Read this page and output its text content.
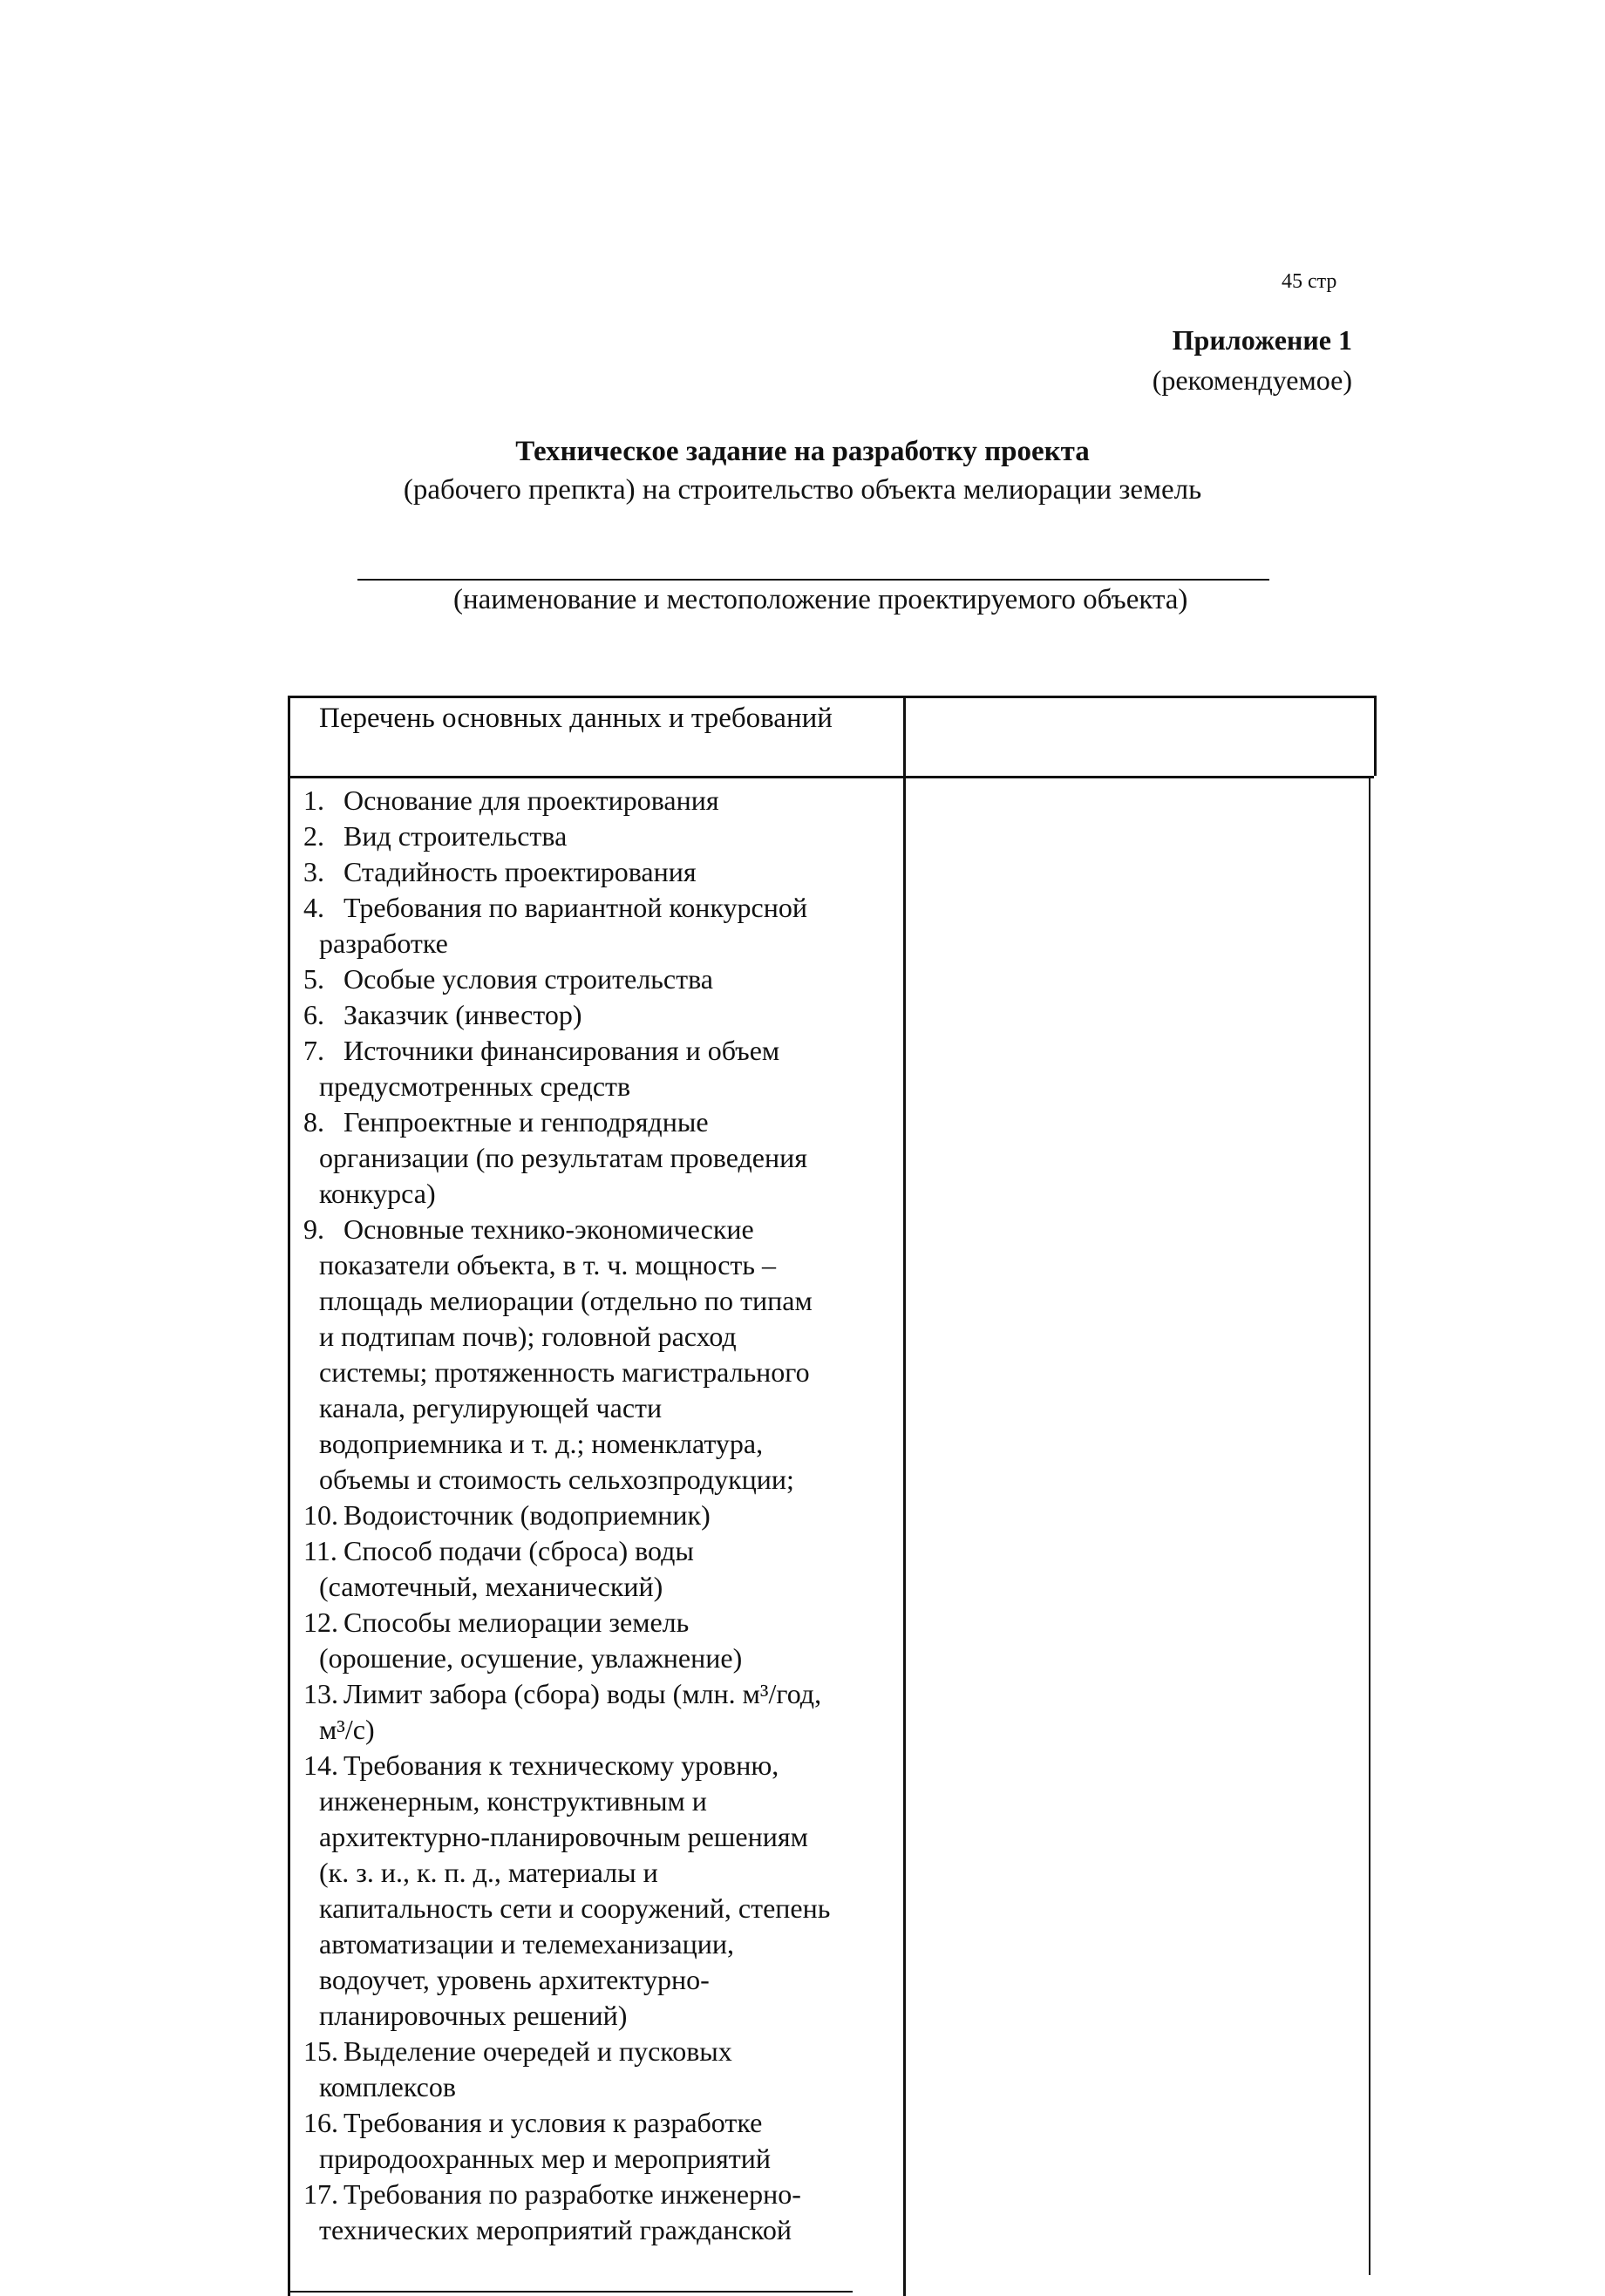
45 стр
Приложение 1
(рекомендуемое)
Техническое задание на разработку проекта
(рабочего препкта) на строительство объекта мелиорации земель
(наименование и местоположение проектируемого объекта)
Перечень основных данных и требований
1. Основание для проектирования
2. Вид строительства
3. Стадийность проектирования
4. Требования по вариантной конкурсной
разработке
5. Особые условия строительства
6. Заказчик (инвестор)
7. Источники финансирования и объем
предусмотренных средств
8. Генпроектные и генподрядные
организации (по результатам проведения
конкурса)
9. Основные технико-экономические
показатели объекта, в т. ч. мощность –
площадь мелиорации (отдельно по типам
и подтипам почв); головной расход
системы; протяженность магистрального
канала, регулирующей части
водоприемника и т. д.; номенклатура,
объемы и стоимость сельхозпродукции;
10. Водоисточник (водоприемник)
11. Способ подачи (сброса) воды
(самотечный, механический)
12. Способы мелиорации земель
(орошение, осушение, увлажнение)
13. Лимит забора (сбора) воды (млн. м³/год,
м³/с)
14. Требования к техническому уровню,
инженерным, конструктивным и
архитектурно-планировочным решениям
(к. з. и., к. п. д., материалы и
капитальность сети и сооружений, степень
автоматизации и телемеханизации,
водоучет, уровень архитектурно-
планировочных решений)
15. Выделение очередей и пусковых
комплексов
16. Требования и условия к разработке
природоохранных мер и мероприятий
17. Требования по разработке инженерно-
технических мероприятий гражданской
